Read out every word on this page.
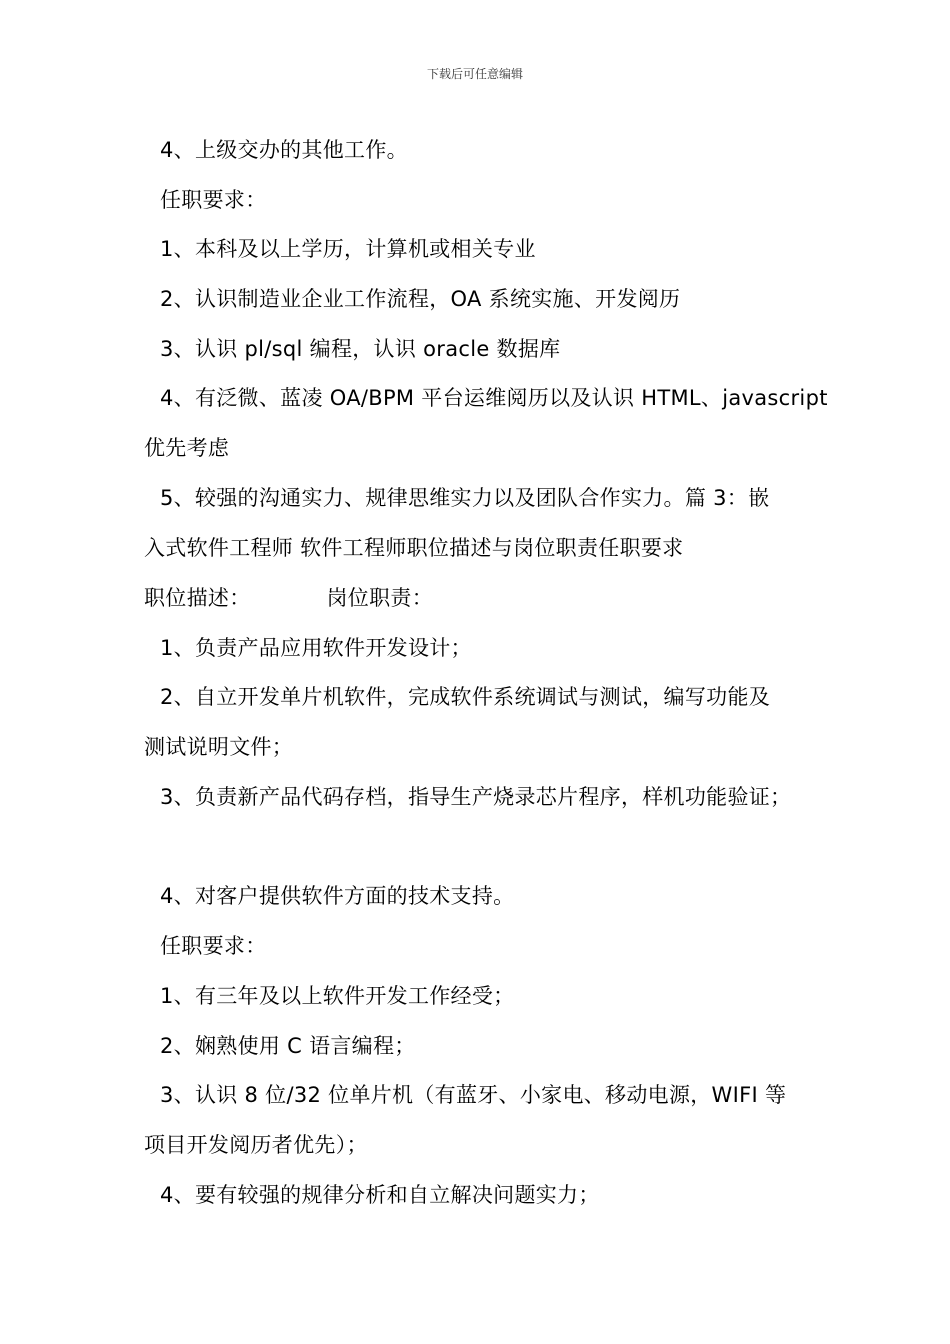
下载后可任意编辑
4、上级交办的其他工作。
任职要求：
1、本科及以上学历，计算机或相关专业
2、认识制造业企业工作流程，OA 系统实施、开发阅历
3、认识 pl/sql 编程，认识 oracle 数据库
4、有泛微、蓝凌 OA/BPM 平台运维阅历以及认识 HTML、javascript
优先考虑
5、较强的沟通实力、规律思维实力以及团队合作实力。篇 3：嵌
入式软件工程师 软件工程师职位描述与岗位职责任职要求
职位描述：	岗位职责：
1、负责产品应用软件开发设计；
2、自立开发单片机软件，完成软件系统调试与测试，编写功能及
测试说明文件；
3、负责新产品代码存档，指导生产烧录芯片程序，样机功能验证；
4、对客户提供软件方面的技术支持。
任职要求：
1、有三年及以上软件开发工作经受；
2、娴熟使用 C 语言编程；
3、认识 8 位/32 位单片机（有蓝牙、小家电、移动电源，WIFI 等
项目开发阅历者优先）；
4、要有较强的规律分析和自立解决问题实力；
